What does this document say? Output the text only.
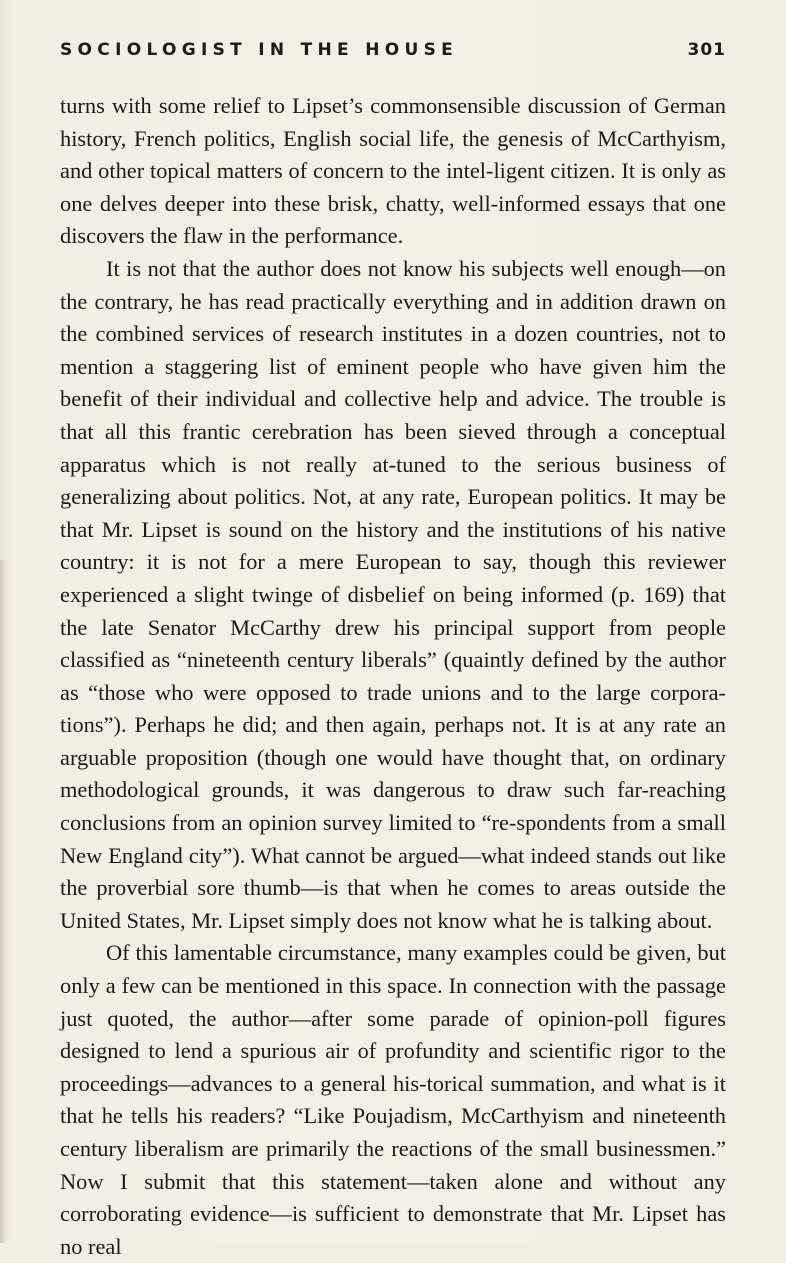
SOCIOLOGIST IN THE HOUSE	301

turns with some relief to Lipset’s commonsensible discussion of German history, French politics, English social life, the genesis of McCarthyism, and other topical matters of concern to the intel-ligent citizen. It is only as one delves deeper into these brisk, chatty, well-informed essays that one discovers the flaw in the performance.

It is not that the author does not know his subjects well enough—on the contrary, he has read practically everything and in addition drawn on the combined services of research institutes in a dozen countries, not to mention a staggering list of eminent people who have given him the benefit of their individual and collective help and advice. The trouble is that all this frantic cerebration has been sieved through a conceptual apparatus which is not really at-tuned to the serious business of generalizing about politics. Not, at any rate, European politics. It may be that Mr. Lipset is sound on the history and the institutions of his native country: it is not for a mere European to say, though this reviewer experienced a slight twinge of disbelief on being informed (p. 169) that the late Senator McCarthy drew his principal support from people classified as “nineteenth century liberals” (quaintly defined by the author as “those who were opposed to trade unions and to the large corpora-tions”). Perhaps he did; and then again, perhaps not. It is at any rate an arguable proposition (though one would have thought that, on ordinary methodological grounds, it was dangerous to draw such far-reaching conclusions from an opinion survey limited to “re-spondents from a small New England city”). What cannot be argued—what indeed stands out like the proverbial sore thumb—is that when he comes to areas outside the United States, Mr. Lipset simply does not know what he is talking about.

Of this lamentable circumstance, many examples could be given, but only a few can be mentioned in this space. In connection with the passage just quoted, the author—after some parade of opinion-poll figures designed to lend a spurious air of profundity and scientific rigor to the proceedings—advances to a general his-torical summation, and what is it that he tells his readers? “Like Poujadism, McCarthyism and nineteenth century liberalism are primarily the reactions of the small businessmen.” Now I submit that this statement—taken alone and without any corroborating evidence—is sufficient to demonstrate that Mr. Lipset has no real
